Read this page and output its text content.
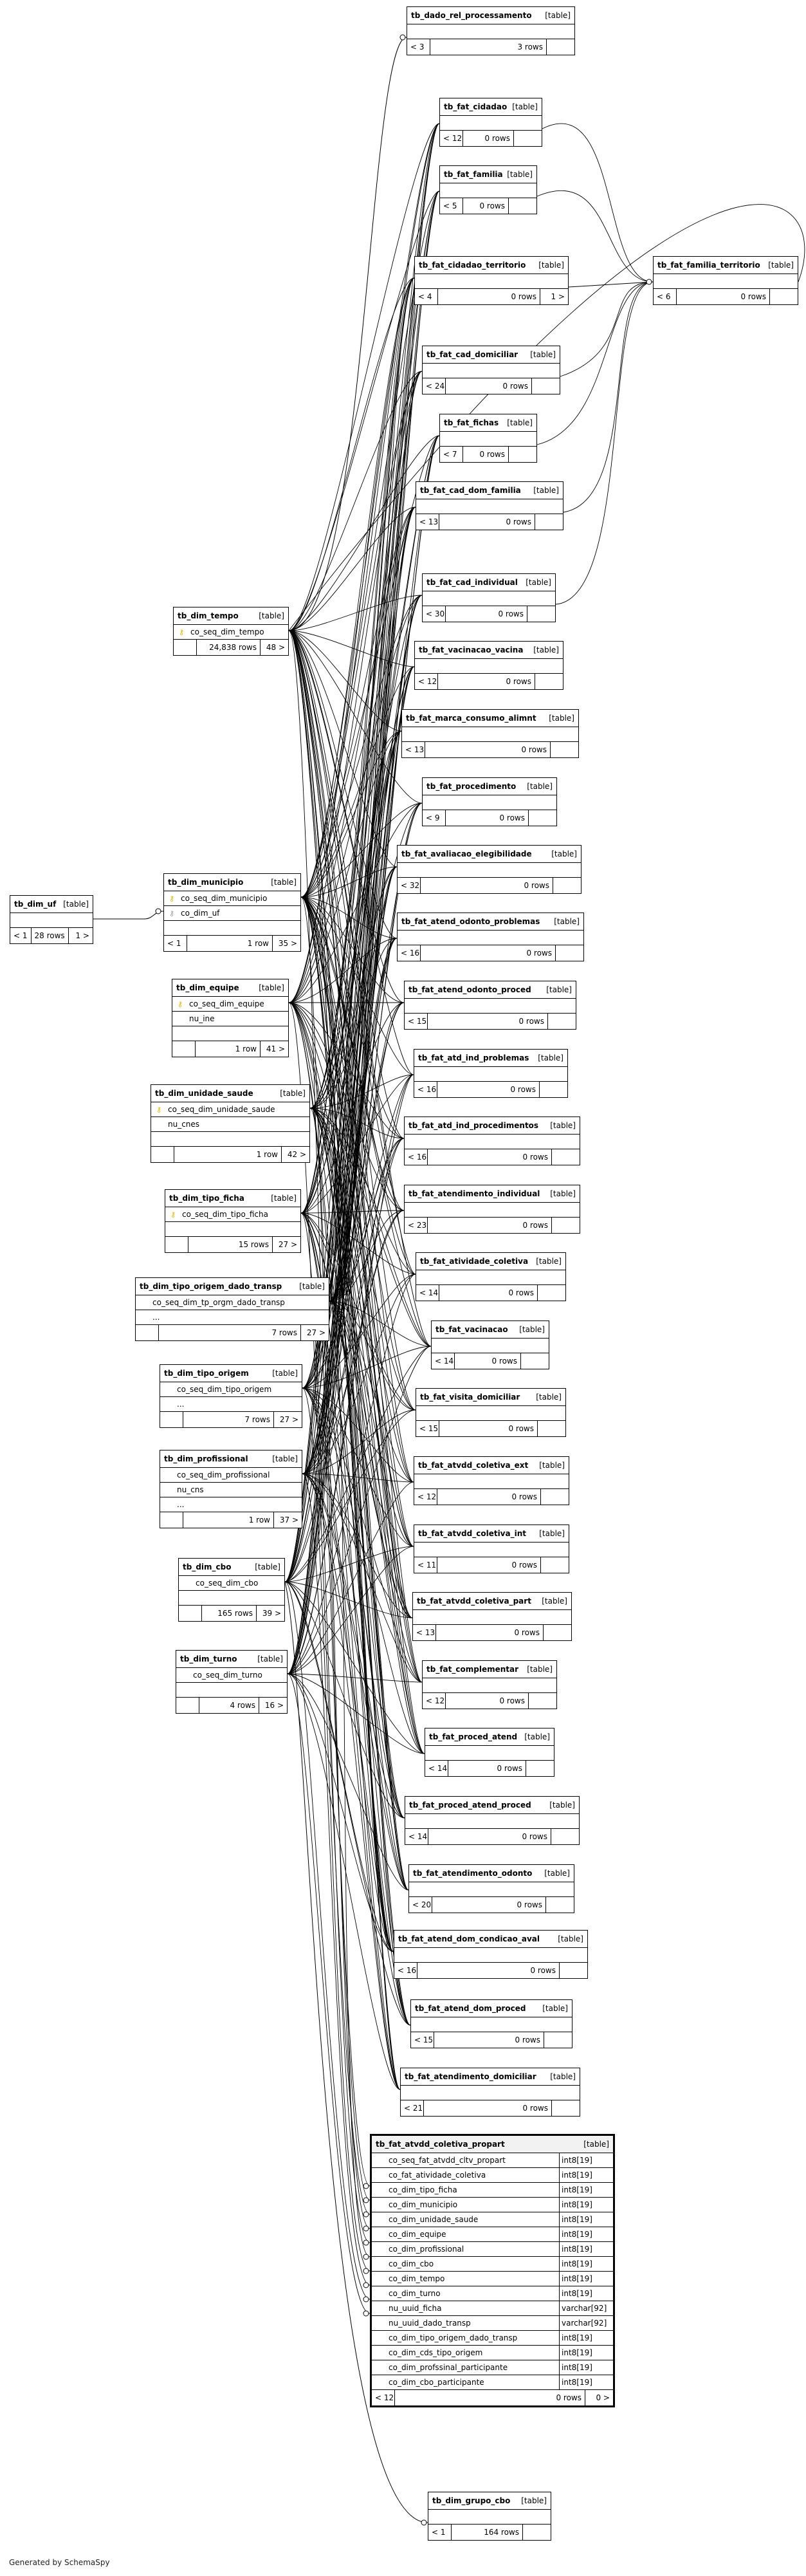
tb_dado_rel_processamento [table]
< 3	3 rows
tb_fat_cidadao [table]
< 12	0 rows
tb_fat_familia [table]
< 5	0 rows
tb_fat_cidadao_territorio [table]
< 4	0 rows	1 >
tb_fat_familia_territorio [table]
< 6	0 rows
tb_fat_cad_domiciliar [table]
< 24	0 rows
tb_fat_fichas [table]
< 7	0 rows
tb_fat_cad_dom_familia [table]
< 13	0 rows
tb_fat_cad_individual [table]
< 30	0 rows
tb_fat_vacinacao_vacina [table]
< 12	0 rows
tb_fat_marca_consumo_alimnt [table]
< 13	0 rows
tb_fat_procedimento [table]
< 9	0 rows
tb_fat_avaliacao_elegibilidade	[table]
< 32	0 rows
tb_fat_atend_odonto_problemas [table]
< 16	0 rows
tb_fat_atend_odonto_proced [table]
< 15	0 rows
tb_fat_atd_ind_problemas [table]
< 16	0 rows
tb_fat_atd_ind_procedimentos [table]
< 16	0 rows
tb_fat_atendimento_individual [table]
< 23	0 rows
tb_fat_atividade_coletiva [table]
< 14	0 rows
tb_fat_vacinacao [table]
< 14	0 rows
tb_fat_visita_domiciliar [table]
< 15	0 rows
tb_fat_atvdd_coletiva_ext [table]
< 12	0 rows
tb_fat_atvdd_coletiva_int [table]
< 11	0 rows
tb_fat_atvdd_coletiva_part [table]
< 13	0 rows
tb_fat_complementar [table]
< 12	0 rows
tb_fat_proced_atend [table]
< 14	0 rows
tb_fat_proced_atend_proced [table]
< 14	0 rows
tb_fat_atendimento_odonto [table]
< 20	0 rows
tb_fat_atend_dom_condicao_aval [table]
< 16	0 rows
tb_fat_atend_dom_proced [table]
< 15	0 rows
tb_fat_atendimento_domiciliar [table]
< 21	0 rows
tb_dim_grupo_cbo [table]
< 1	164 rows
tb_dim_tempo	[table]
⚷ co_seq_dim_tempo
24,838 rows	48 >
tb_dim_uf [table]
< 1 28 rows	1 >
tb_dim_municipio	[table]
⚷ co_seq_dim_municipio
⚷ co_dim_uf
< 1	1 row	35 >
tb_dim_equipe	[table]
⚷ co_seq_dim_equipe
nu_ine
1 row	41 >
tb_dim_unidade_saude	[table]
⚷ co_seq_dim_unidade_saude
nu_cnes
1 row	42 >
tb_dim_tipo_ficha	[table]
⚷ co_seq_dim_tipo_ficha
15 rows	27 >
tb_dim_tipo_origem_dado_transp [table]
co_seq_dim_tp_orgm_dado_transp
...
7 rows	27 >
tb_dim_tipo_origem	[table]
co_seq_dim_tipo_origem
...
7 rows	27 >
tb_dim_profissional	[table]
co_seq_dim_profissional
nu_cns
...
1 row	37 >
tb_dim_cbo	[table]
co_seq_dim_cbo
165 rows	39 >
tb_dim_turno	[table]
co_seq_dim_turno
4 rows	16 >
tb_fat_atvdd_coletiva_propart	[table]
co_seq_fat_atvdd_cltv_propart	int8[19]
co_fat_atividade_coletiva	int8[19]
co_dim_tipo_ficha	int8[19]
co_dim_municipio	int8[19]
co_dim_unidade_saude	int8[19]
co_dim_equipe	int8[19]
co_dim_profissional	int8[19]
co_dim_cbo	int8[19]
co_dim_tempo	int8[19]
co_dim_turno	int8[19]
nu_uuid_ficha	varchar[92]
nu_uuid_dado_transp	varchar[92]
co_dim_tipo_origem_dado_transp	int8[19]
co_dim_cds_tipo_origem	int8[19]
co_dim_profssinal_participante	int8[19]
co_dim_cbo_participante	int8[19]
< 12	0 rows	0 >
Generated by SchemaSpy
